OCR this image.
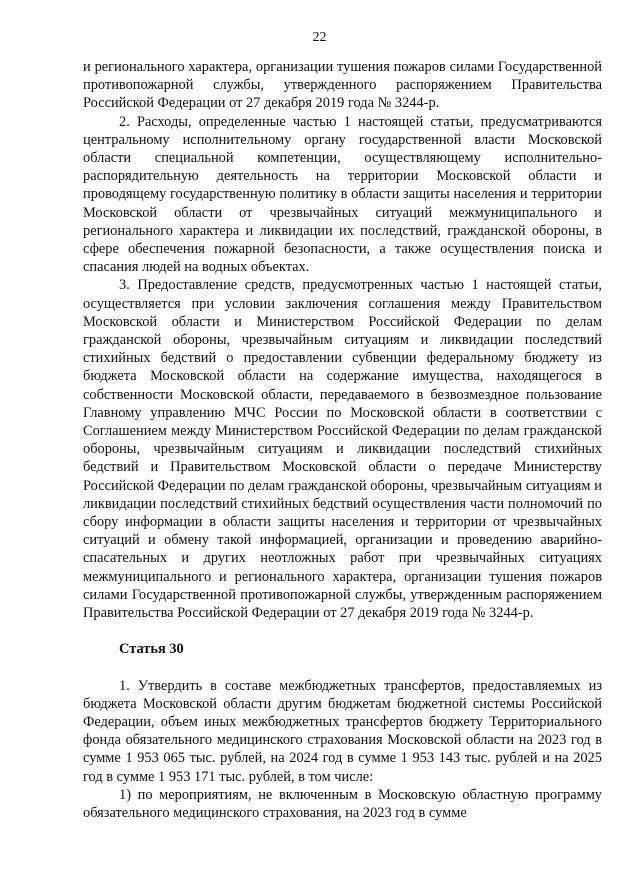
22

и регионального характера, организации тушения пожаров силами Государственной противопожарной службы, утвержденного распоряжением Правительства Российской Федерации от 27 декабря 2019 года № 3244-р.

2. Расходы, определенные частью 1 настоящей статьи, предусматриваются центральному исполнительному органу государственной власти Московской области специальной компетенции, осуществляющему исполнительно-распорядительную деятельность на территории Московской области и проводящему государственную политику в области защиты населения и территории Московской области от чрезвычайных ситуаций межмуниципального и регионального характера и ликвидации их последствий, гражданской обороны, в сфере обеспечения пожарной безопасности, а также осуществления поиска и спасания людей на водных объектах.

3. Предоставление средств, предусмотренных частью 1 настоящей статьи, осуществляется при условии заключения соглашения между Правительством Московской области и Министерством Российской Федерации по делам гражданской обороны, чрезвычайным ситуациям и ликвидации последствий стихийных бедствий о предоставлении субвенции федеральному бюджету из бюджета Московской области на содержание имущества, находящегося в собственности Московской области, передаваемого в безвозмездное пользование Главному управлению МЧС России по Московской области в соответствии с Соглашением между Министерством Российской Федерации по делам гражданской обороны, чрезвычайным ситуациям и ликвидации последствий стихийных бедствий и Правительством Московской области о передаче Министерству Российской Федерации по делам гражданской обороны, чрезвычайным ситуациям и ликвидации последствий стихийных бедствий осуществления части полномочий по сбору информации в области защиты населения и территории от чрезвычайных ситуаций и обмену такой информацией, организации и проведению аварийно-спасательных и других неотложных работ при чрезвычайных ситуациях межмуниципального и регионального характера, организации тушения пожаров силами Государственной противопожарной службы, утвержденным распоряжением Правительства Российской Федерации от 27 декабря 2019 года № 3244-р.

Статья 30

1. Утвердить в составе межбюджетных трансфертов, предоставляемых из бюджета Московской области другим бюджетам бюджетной системы Российской Федерации, объем иных межбюджетных трансфертов бюджету Территориального фонда обязательного медицинского страхования Московской области на 2023 год в сумме 1 953 065 тыс. рублей, на 2024 год в сумме 1 953 143 тыс. рублей и на 2025 год в сумме 1 953 171 тыс. рублей, в том числе:

1) по мероприятиям, не включенным в Московскую областную программу обязательного медицинского страхования, на 2023 год в сумме
